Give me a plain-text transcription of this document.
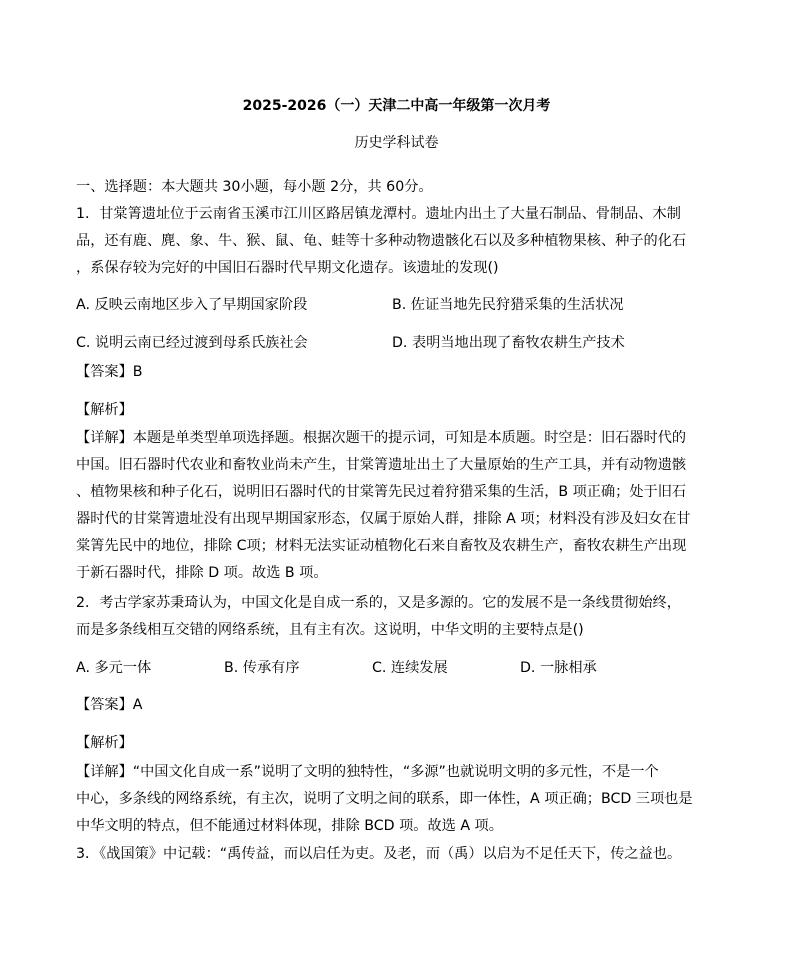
2025-2026（一）天津二中高一年级第一次月考
历史学科试卷
一、选择题：本大题共 30小题，每小题 2分，共 60分。
1．甘棠箐遗址位于云南省玉溪市江川区路居镇龙潭村。遗址内出土了大量石制品、骨制品、木制
品，还有鹿、麂、象、牛、猴、鼠、龟、蛙等十多种动物遗骸化石以及多种植物果核、种子的化石
，系保存较为完好的中国旧石器时代早期文化遗存。该遗址的发现()
A. 反映云南地区步入了早期国家阶段	B. 佐证当地先民狩猎采集的生活状况
C. 说明云南已经过渡到母系氏族社会	D. 表明当地出现了畜牧农耕生产技术
【答案】B
【解析】
【详解】本题是单类型单项选择题。根据次题干的提示词，可知是本质题。时空是：旧石器时代的
中国。旧石器时代农业和畜牧业尚未产生，甘棠箐遗址出土了大量原始的生产工具，并有动物遗骸
、植物果核和种子化石，说明旧石器时代的甘棠箐先民过着狩猎采集的生活，B 项正确；处于旧石
器时代的甘棠箐遗址没有出现早期国家形态，仅属于原始人群，排除 A 项；材料没有涉及妇女在甘
棠箐先民中的地位，排除 C项；材料无法实证动植物化石来自畜牧及农耕生产，畜牧农耕生产出现
于新石器时代，排除 D 项。故选 B 项。
2．考古学家苏秉琦认为，中国文化是自成一系的，又是多源的。它的发展不是一条线贯彻始终，
而是多条线相互交错的网络系统，且有主有次。这说明，中华文明的主要特点是()
A. 多元一体	B. 传承有序	C. 连续发展	D. 一脉相承
【答案】A
【解析】
【详解】“中国文化自成一系”说明了文明的独特性，“多源”也就说明文明的多元性，不是一个
中心，多条线的网络系统，有主次，说明了文明之间的联系，即一体性，A 项正确；BCD 三项也是
中华文明的特点，但不能通过材料体现，排除 BCD 项。故选 A 项。
3．《战国策》中记载：“禹传益，而以启任为吏。及老，而（禹）以启为不足任天下，传之益也。
